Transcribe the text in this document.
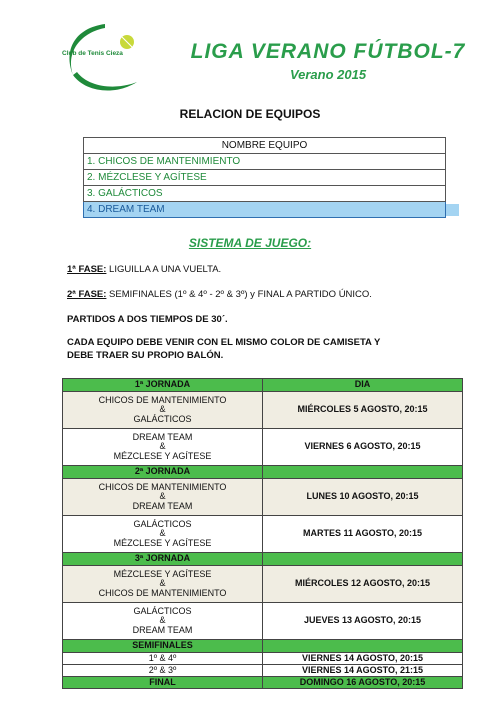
Club de Tenis Cieza	LIGA VERANO FÚTBOL-7
Verano 2015
RELACION DE EQUIPOS
NOMBRE EQUIPO
1. CHICOS DE MANTENIMIENTO
2. MÉZCLESE Y AGÍTESE
3. GALÁCTICOS
4. DREAM TEAM
SISTEMA DE JUEGO:
1ª FASE: LIGUILLA A UNA VUELTA.
2ª FASE: SEMIFINALES (1º & 4º - 2º & 3º) y FINAL A PARTIDO ÚNICO.
PARTIDOS A DOS TIEMPOS DE 30´.
CADA EQUIPO DEBE VENIR CON EL MISMO COLOR DE CAMISETA Y
DEBE TRAER SU PROPIO BALÓN.
1ª JORNADA	DIA
CHICOS DE MANTENIMIENTO
&
GALÁCTICOS	MIÉRCOLES 5 AGOSTO, 20:15
DREAM TEAM
&
MÉZCLESE Y AGÍTESE	VIERNES 6 AGOSTO, 20:15
2ª JORNADA	
CHICOS DE MANTENIMIENTO
&
DREAM TEAM	LUNES 10 AGOSTO, 20:15
GALÁCTICOS
&
MÉZCLESE Y AGÍTESE	MARTES 11 AGOSTO, 20:15
3ª JORNADA	
MÉZCLESE Y AGÍTESE
&
CHICOS DE MANTENIMIENTO	MIÉRCOLES 12 AGOSTO, 20:15
GALÁCTICOS
&
DREAM TEAM	JUEVES 13 AGOSTO, 20:15
SEMIFINALES	
1º & 4º	VIERNES 14 AGOSTO, 20:15
2º & 3º	VIERNES 14 AGOSTO, 21:15
FINAL	DOMINGO 16 AGOSTO, 20:15
